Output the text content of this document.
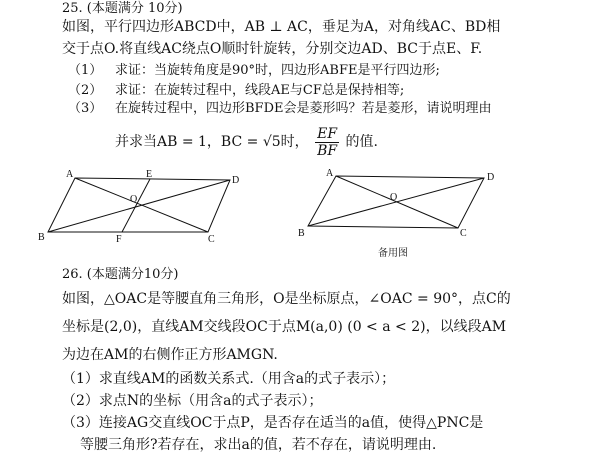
25. (本题满分 10分)
如图，平行四边形ABCD中，AB ⊥ AC，垂足为A，对角线AC、BD相
交于点O.将直线AC绕点O顺时针旋转，分别交边AD、BC于点E、F.
（1） 求证：当旋转角度是90°时，四边形ABFE是平行四边形;
（2） 求证：在旋转过程中，线段AE与CF总是保持相等;
（3） 在旋转过程中，四边形BFDE会是菱形吗？若是菱形，请说明理由
并求当AB = 1，BC = √5时， $\frac{EF}{BF}$ 的值.
A	E
D
O
B	F	C
A	D
O
B	C
备用图
26. (本题满分10分)
如图，△OAC是等腰直角三角形，O是坐标原点，∠OAC = 90°，点C的
坐标是(2,0)，直线AM交线段OC于点M(a,0) (0 < a < 2)，以线段AM
为边在AM的右侧作正方形AMGN.
（1）求直线AM的函数关系式.（用含a的式子表示）；
（2）求点N的坐标（用含a的式子表示）；
（3）连接AG交直线OC于点P，是否存在适当的a值，使得△PNC是
等腰三角形?若存在，求出a的值，若不存在，请说明理由.
